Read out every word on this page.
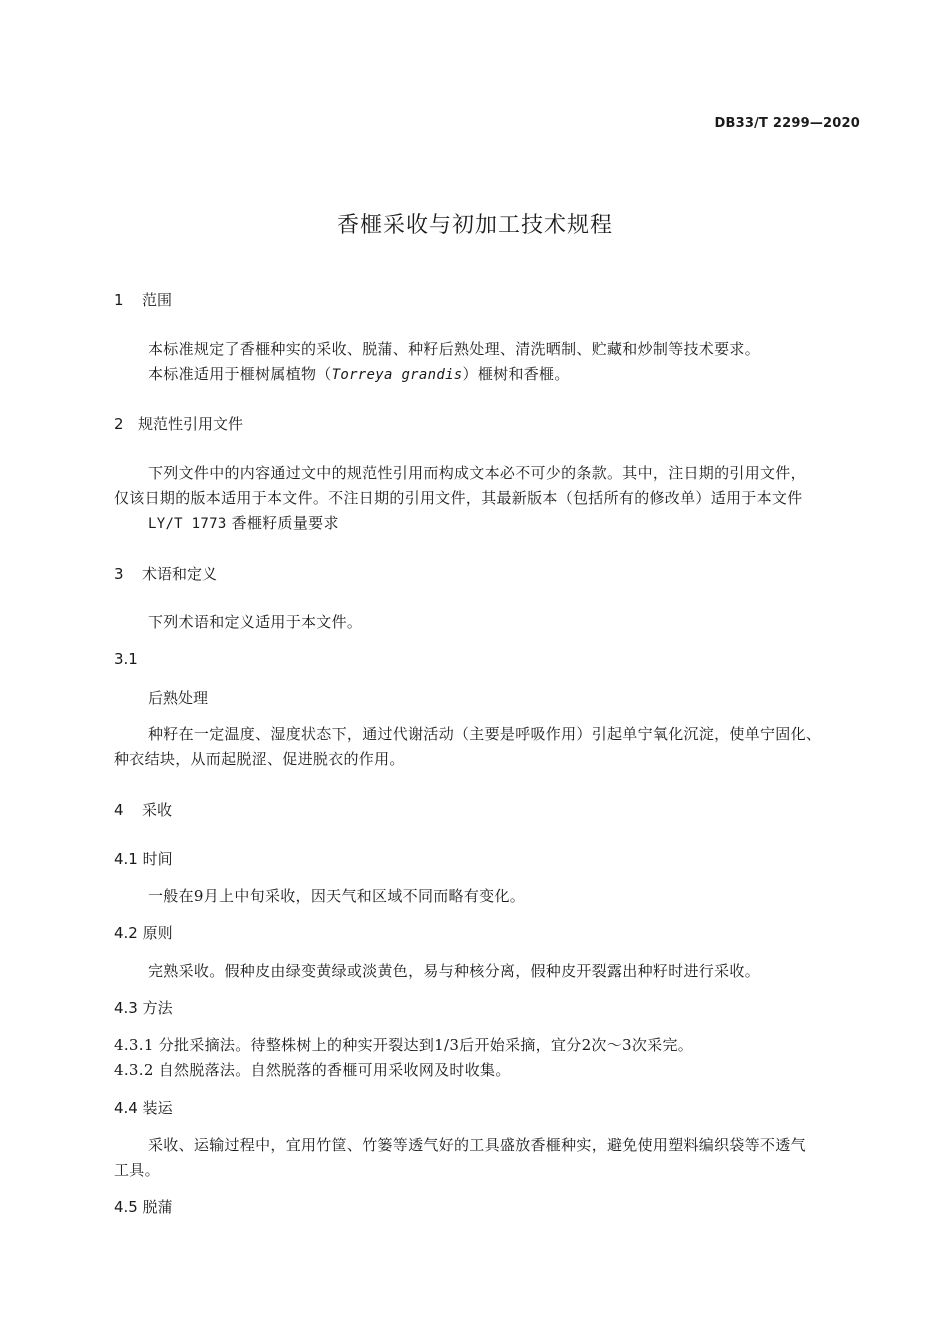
DB33/T 2299—2020
香榧采收与初加工技术规程
1 范围
本标准规定了香榧种实的采收、脱蒲、种籽后熟处理、清洗晒制、贮藏和炒制等技术要求。
本标准适用于榧树属植物（Torreya grandis）榧树和香榧。
2 规范性引用文件
下列文件中的内容通过文中的规范性引用而构成文本必不可少的条款。其中，注日期的引用文件，
仅该日期的版本适用于本文件。不注日期的引用文件，其最新版本（包括所有的修改单）适用于本文件
LY/T 1773 香榧籽质量要求
3 术语和定义
下列术语和定义适用于本文件。
3.1
后熟处理
种籽在一定温度、湿度状态下，通过代谢活动（主要是呼吸作用）引起单宁氧化沉淀，使单宁固化、
种衣结块，从而起脱涩、促进脱衣的作用。
4 采收
4.1 时间
一般在9月上中旬采收，因天气和区域不同而略有变化。
4.2 原则
完熟采收。假种皮由绿变黄绿或淡黄色，易与种核分离，假种皮开裂露出种籽时进行采收。
4.3 方法
4.3.1 分批采摘法。待整株树上的种实开裂达到1/3后开始采摘，宜分2次～3次采完。
4.3.2 自然脱落法。自然脱落的香榧可用采收网及时收集。
4.4 装运
采收、运输过程中，宜用竹筐、竹篓等透气好的工具盛放香榧种实，避免使用塑料编织袋等不透气
工具。
4.5 脱蒲
